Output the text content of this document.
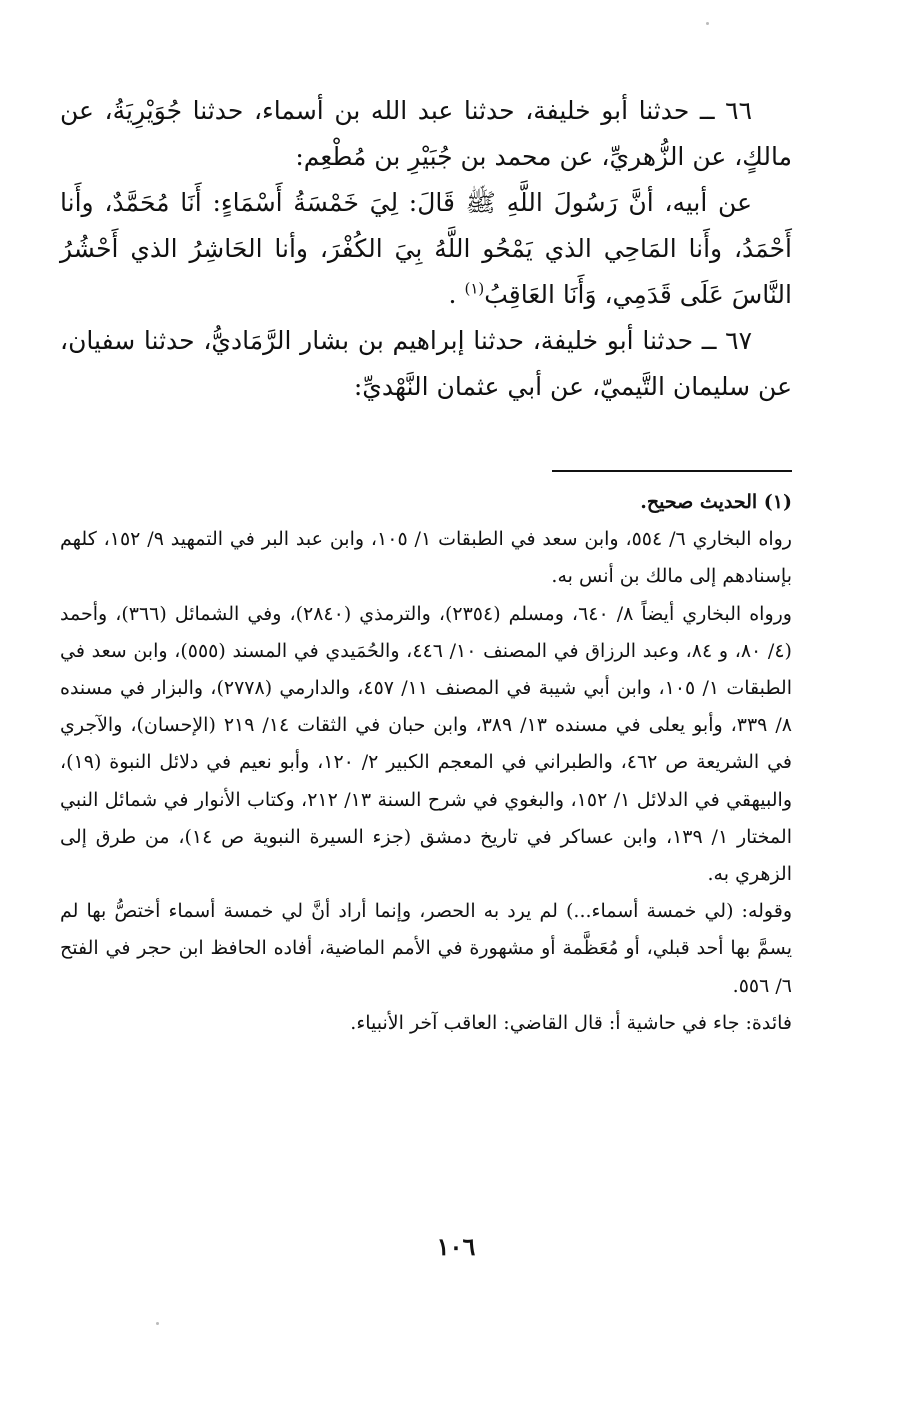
٦٦ ــ حدثنا أبو خليفة، حدثنا عبد الله بن أسماء، حدثنا جُوَيْرِيَةُ، عن مالكٍ، عن الزُّهريِّ، عن محمد بن جُبَيْرِ بن مُطْعِم:

عن أبيه، أنَّ رَسُولَ اللَّهِ ﷺ قَالَ: لِيَ خَمْسَةُ أَسْمَاءٍ: أَنَا مُحَمَّدٌ، وأَنا أَحْمَدُ، وأَنا المَاحِي الذي يَمْحُو اللَّهُ بِيَ الكُفْرَ، وأنا الحَاشِرُ الذي أَحْشُرُ النَّاسَ عَلَى قَدَمِي، وَأَنَا العَاقِبُ$^{(١)}$ .

٦٧ ــ حدثنا أبو خليفة، حدثنا إبراهيم بن بشار الرَّمَاديُّ، حدثنا سفيان، عن سليمان التَّيميّ، عن أبي عثمان النَّهْديِّ:

(١) الحديث صحيح.

رواه البخاري ٦/ ٥٥٤، وابن سعد في الطبقات ١/ ١٠٥، وابن عبد البر في التمهيد ٩/ ١٥٢، كلهم بإسنادهم إلى مالك بن أنس به.

ورواه البخاري أيضاً ٨/ ٦٤٠، ومسلم (٢٣٥٤)، والترمذي (٢٨٤٠)، وفي الشمائل (٣٦٦)، وأحمد (٤/ ٨٠، و ٨٤، وعبد الرزاق في المصنف ١٠/ ٤٤٦، والحُمَيدي في المسند (٥٥٥)، وابن سعد في الطبقات ١/ ١٠٥، وابن أبي شيبة في المصنف ١١/ ٤٥٧، والدارمي (٢٧٧٨)، والبزار في مسنده ٨/ ٣٣٩، وأبو يعلى في مسنده ١٣/ ٣٨٩، وابن حبان في الثقات ١٤/ ٢١٩ (الإحسان)، والآجري في الشريعة ص ٤٦٢، والطبراني في المعجم الكبير ٢/ ١٢٠، وأبو نعيم في دلائل النبوة (١٩)، والبيهقي في الدلائل ١/ ١٥٢، والبغوي في شرح السنة ١٣/ ٢١٢، وكتاب الأنوار في شمائل النبي المختار ١/ ١٣٩، وابن عساكر في تاريخ دمشق (جزء السيرة النبوية ص ١٤)، من طرق إلى الزهري به.

وقوله: (لي خمسة أسماء...) لم يرد به الحصر، وإنما أراد أنَّ لي خمسة أسماء أختصُّ بها لم يسمَّ بها أحد قبلي، أو مُعَظَّمة أو مشهورة في الأمم الماضية، أفاده الحافظ ابن حجر في الفتح ٦/ ٥٥٦.

فائدة: جاء في حاشية أ: قال القاضي: العاقب آخر الأنبياء.

١٠٦
